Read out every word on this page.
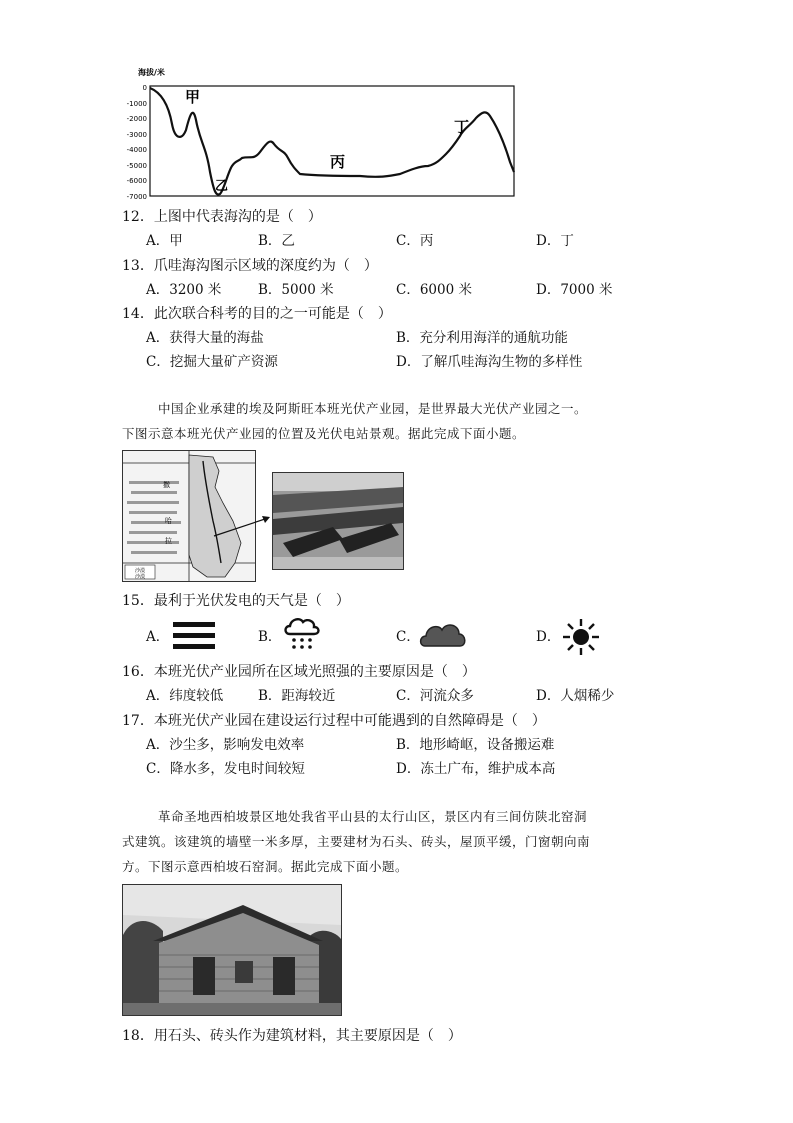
海拔/米
0
-1000
-2000
-3000
-4000
-5000
-6000
-7000
甲
乙
丙
丁
12．上图中代表海沟的是（　）
A．甲	B．乙	C．丙	D．丁
13．爪哇海沟图示区域的深度约为（　）
A．3200 米	B．5000 米	C．6000 米	D．7000 米
14．此次联合科考的目的之一可能是（　）
A．获得大量的海盐	B．充分利用海洋的通航功能
C．挖掘大量矿产资源	D．了解爪哇海沟生物的多样性
中国企业承建的埃及阿斯旺本班光伏产业园，是世界最大光伏产业园之一。
下图示意本班光伏产业园的位置及光伏电站景观。据此完成下面小题。
撒
哈
拉
沙漠
沙漠
15．最利于光伏发电的天气是（　）
A．	B．	C．	D．
16．本班光伏产业园所在区域光照强的主要原因是（　）
A．纬度较低	B．距海较近	C．河流众多	D．人烟稀少
17．本班光伏产业园在建设运行过程中可能遇到的自然障碍是（　）
A．沙尘多，影响发电效率	B．地形崎岖，设备搬运难
C．降水多，发电时间较短	D．冻土广布，维护成本高
革命圣地西柏坡景区地处我省平山县的太行山区，景区内有三间仿陕北窑洞
式建筑。该建筑的墙壁一米多厚，主要建材为石头、砖头，屋顶平缓，门窗朝向南
方。下图示意西柏坡石窑洞。据此完成下面小题。
18．用石头、砖头作为建筑材料，其主要原因是（　）
